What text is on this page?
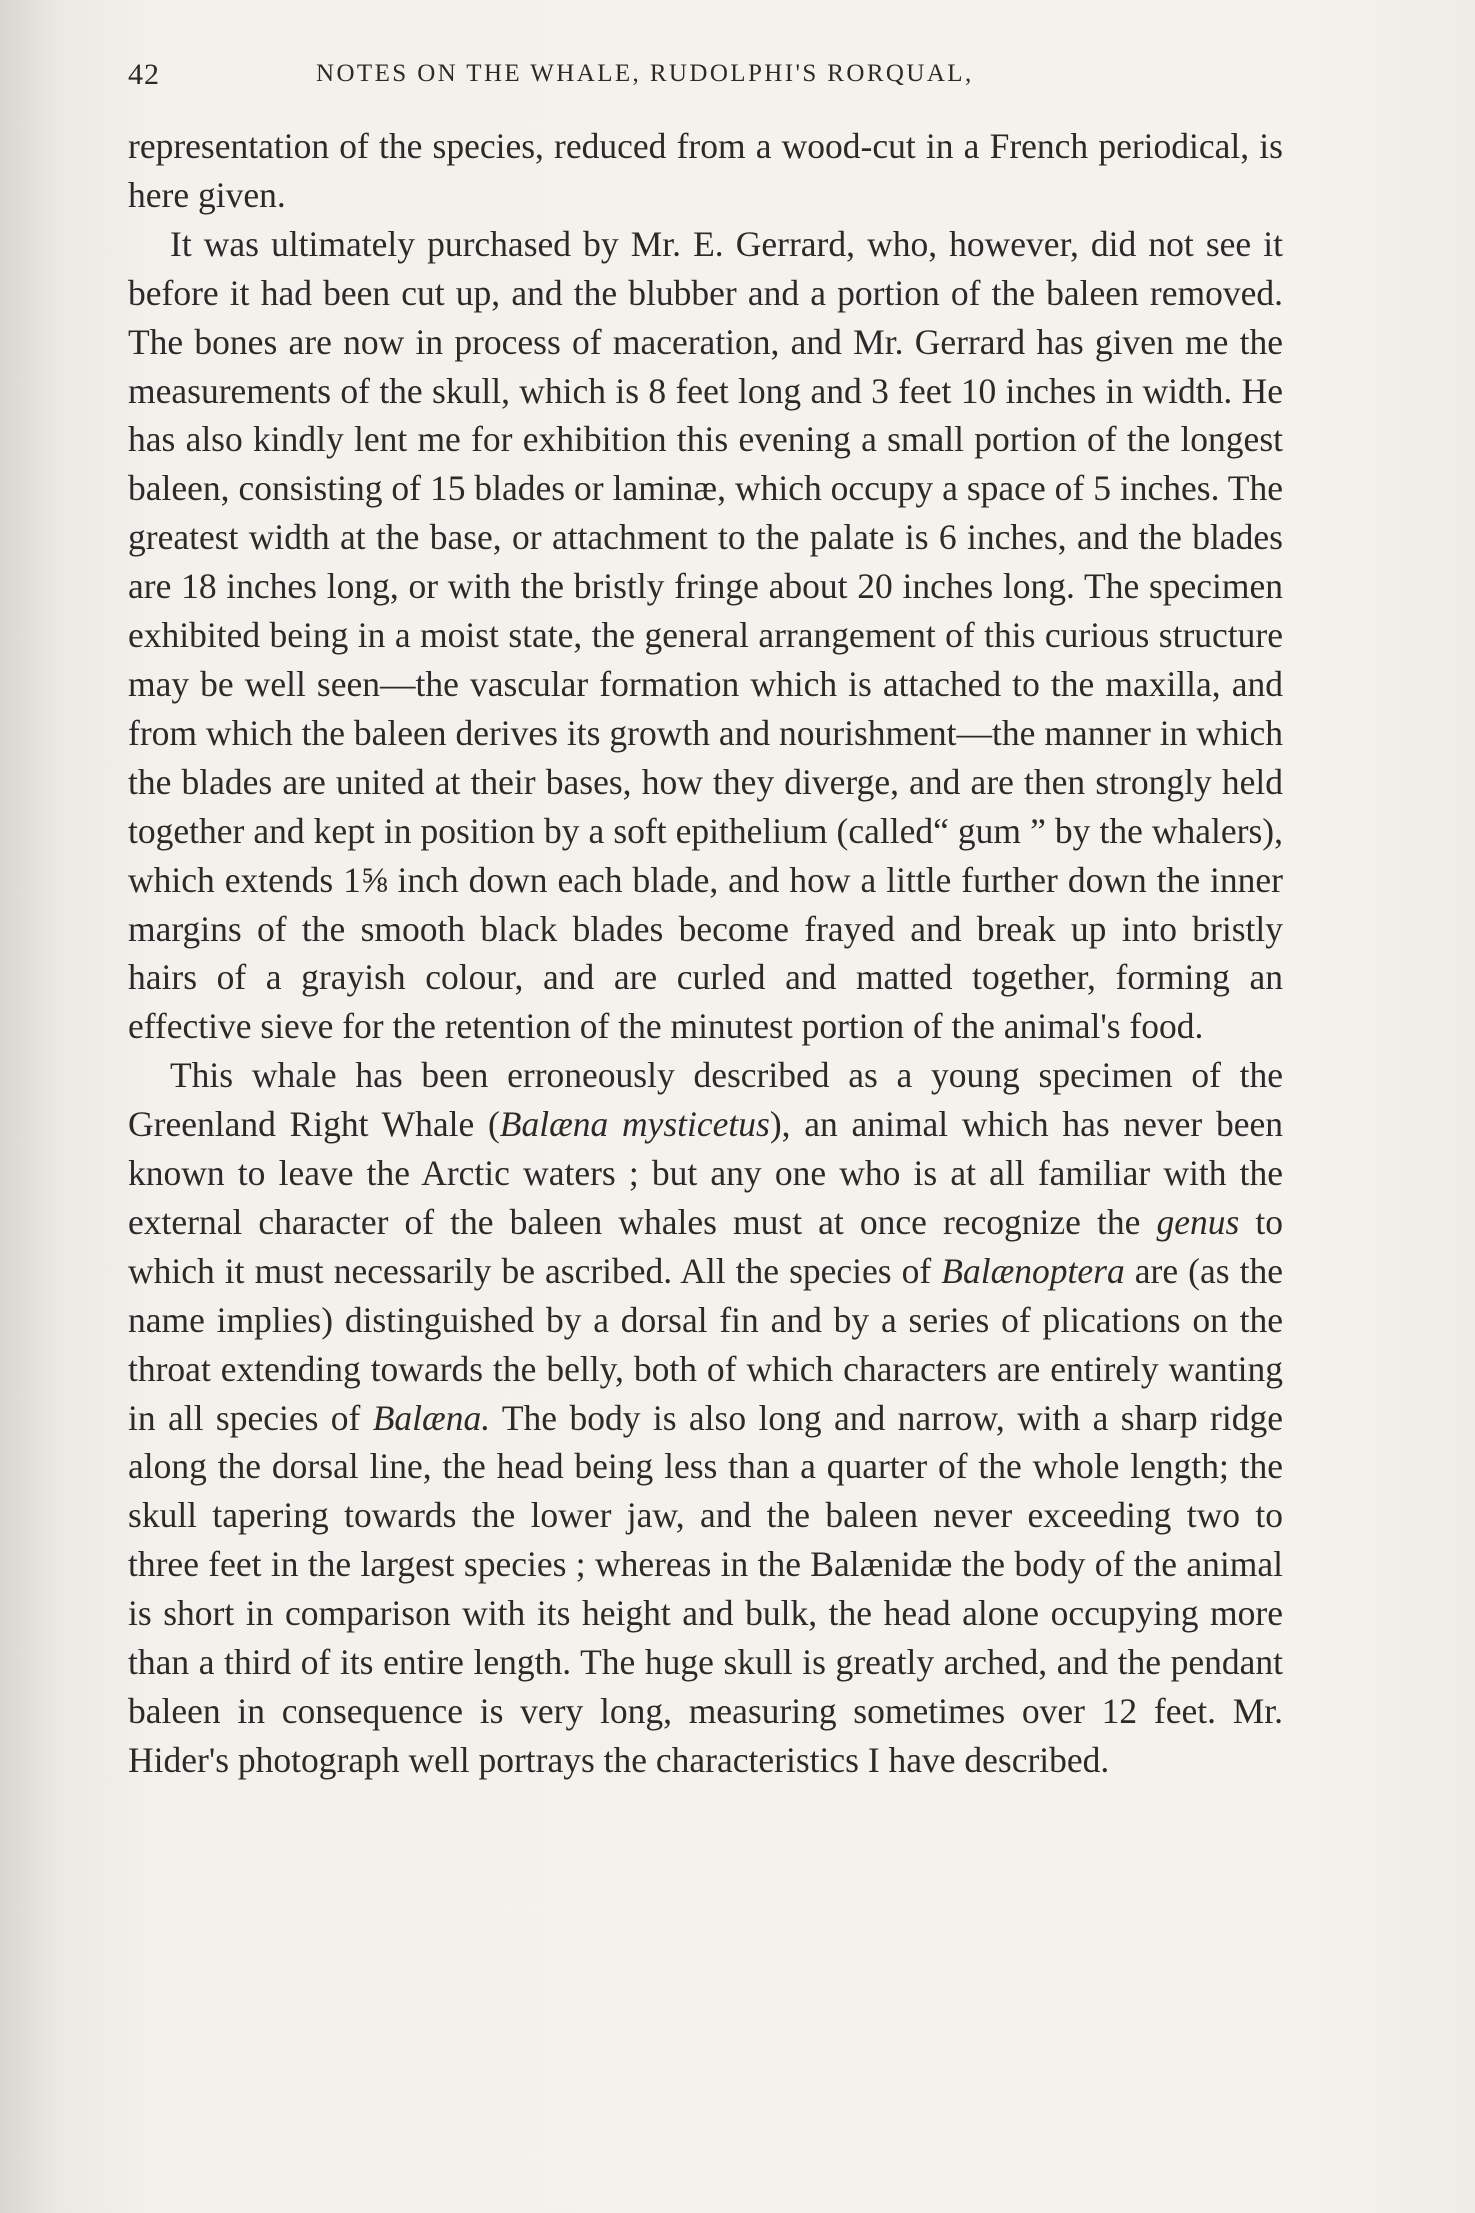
42	NOTES ON THE WHALE, RUDOLPHI'S RORQUAL,

representation of the species, reduced from a wood-cut in a French periodical, is here given.

It was ultimately purchased by Mr. E. Gerrard, who, however, did not see it before it had been cut up, and the blubber and a portion of the baleen removed. The bones are now in process of maceration, and Mr. Gerrard has given me the measurements of the skull, which is 8 feet long and 3 feet 10 inches in width. He has also kindly lent me for exhibition this evening a small portion of the longest baleen, consisting of 15 blades or laminæ, which occupy a space of 5 inches. The greatest width at the base, or attachment to the palate is 6 inches, and the blades are 18 inches long, or with the bristly fringe about 20 inches long. The specimen exhibited being in a moist state, the general arrangement of this curious structure may be well seen—the vascular formation which is attached to the maxilla, and from which the baleen derives its growth and nourishment—the manner in which the blades are united at their bases, how they diverge, and are then strongly held together and kept in position by a soft epithelium (called“ gum ” by the whalers), which extends 1⅝ inch down each blade, and how a little further down the inner margins of the smooth black blades become frayed and break up into bristly hairs of a grayish colour, and are curled and matted together, forming an effective sieve for the retention of the minutest portion of the animal's food.

This whale has been erroneously described as a young specimen of the Greenland Right Whale (Balæna mysticetus), an animal which has never been known to leave the Arctic waters ; but any one who is at all familiar with the external character of the baleen whales must at once recognize the genus to which it must necessarily be ascribed. All the species of Balænoptera are (as the name implies) distinguished by a dorsal fin and by a series of plications on the throat extending towards the belly, both of which characters are entirely wanting in all species of Balæna. The body is also long and narrow, with a sharp ridge along the dorsal line, the head being less than a quarter of the whole length; the skull tapering towards the lower jaw, and the baleen never exceeding two to three feet in the largest species ; whereas in the Balænidæ the body of the animal is short in comparison with its height and bulk, the head alone occupying more than a third of its entire length. The huge skull is greatly arched, and the pendant baleen in consequence is very long, measuring sometimes over 12 feet. Mr. Hider's photograph well portrays the characteristics I have described.
